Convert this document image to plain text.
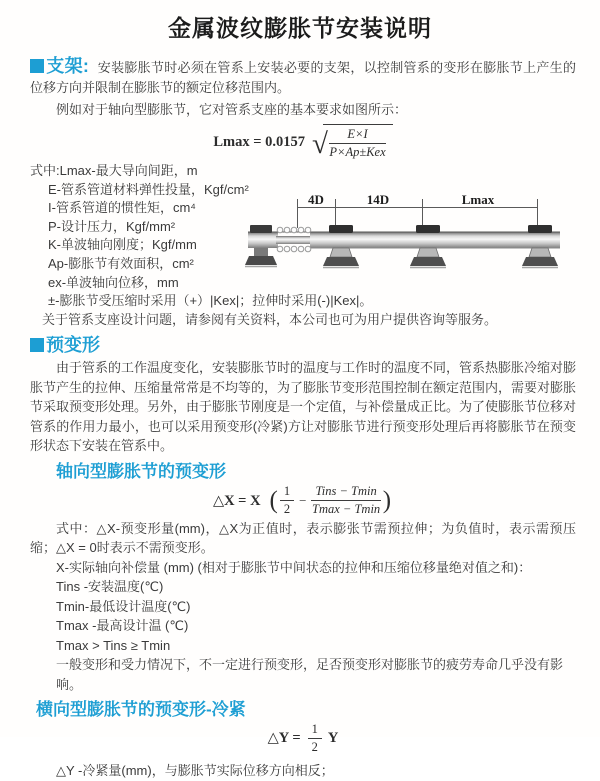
金属波纹膨胀节安装说明

支架: 安装膨胀节时必须在管系上安装必要的支架，以控制管系的变形在膨胀节上产生的位移方向并限制在膨胀节的额定位移范围内。

例如对于轴向型膨胀节，它对管系支座的基本要求如图所示：

Lmax = 0.0157 √ $\frac{E\times I}{\text{P×Ap±Kex}}$
式中:Lmax-最大导向间距，m
E-管系管道材料弹性投量，Kgf/cm²
I-管系管道的惯性矩，cm⁴
P-设计压力，Kgf/mm²
K-单波轴向刚度；Kgf/mm
Ap-膨胀节有效面积，cm²
ex-单波轴向位移，mm
±-膨胀节受压缩时采用（+）|Kex|；拉伸时采用(-)|Kex|。
关于管系支座设计问题，请参阅有关资料，本公司也可为用户提供咨询等服务。
4D	14D	Lmax
预变形

由于管系的工作温度变化，安装膨胀节时的温度与工作时的温度不同，管系热膨胀冷缩对膨胀节产生的拉伸、压缩量常常是不均等的，为了膨胀节变形范围控制在额定范围内，需要对膨胀节采取预变形处理。另外，由于膨胀节刚度是一个定值，与补偿量成正比。为了使膨胀节位移对管系的作用力最小，也可以采用预变形(冷紧)方让对膨胀节进行预变形处理后再将膨胀节在预变形状态下安装在管系中。

轴向型膨胀节的预变形
△X = X ( $\frac{1}{2} - \frac{\text{Tins − Tmin}}{Tmax - Tmin}$ )

式中：△X-预变形量(mm)，△X为正值时，表示膨张节需预拉伸；为负值时，表示需预压缩；△X = 0时表示不需预变形。

X-实际轴向补偿量 (mm) (相对于膨胀节中间状态的拉伸和压缩位移量绝对值之和)：

Tins -安装温度(℃)

Tmin-最低设计温度(℃)

Tmax -最高设计温 (℃)

Tmax > Tins ≥ Tmin

一般变形和受力情况下，不一定进行预变形，足否预变形对膨胀节的疲劳寿命几乎没有影响。

横向型膨胀节的预变形-冷紧
△Y = $\frac{1}{2}$ Y

△Y -冷紧量(mm)，与膨胀节实际位移方向相反；
